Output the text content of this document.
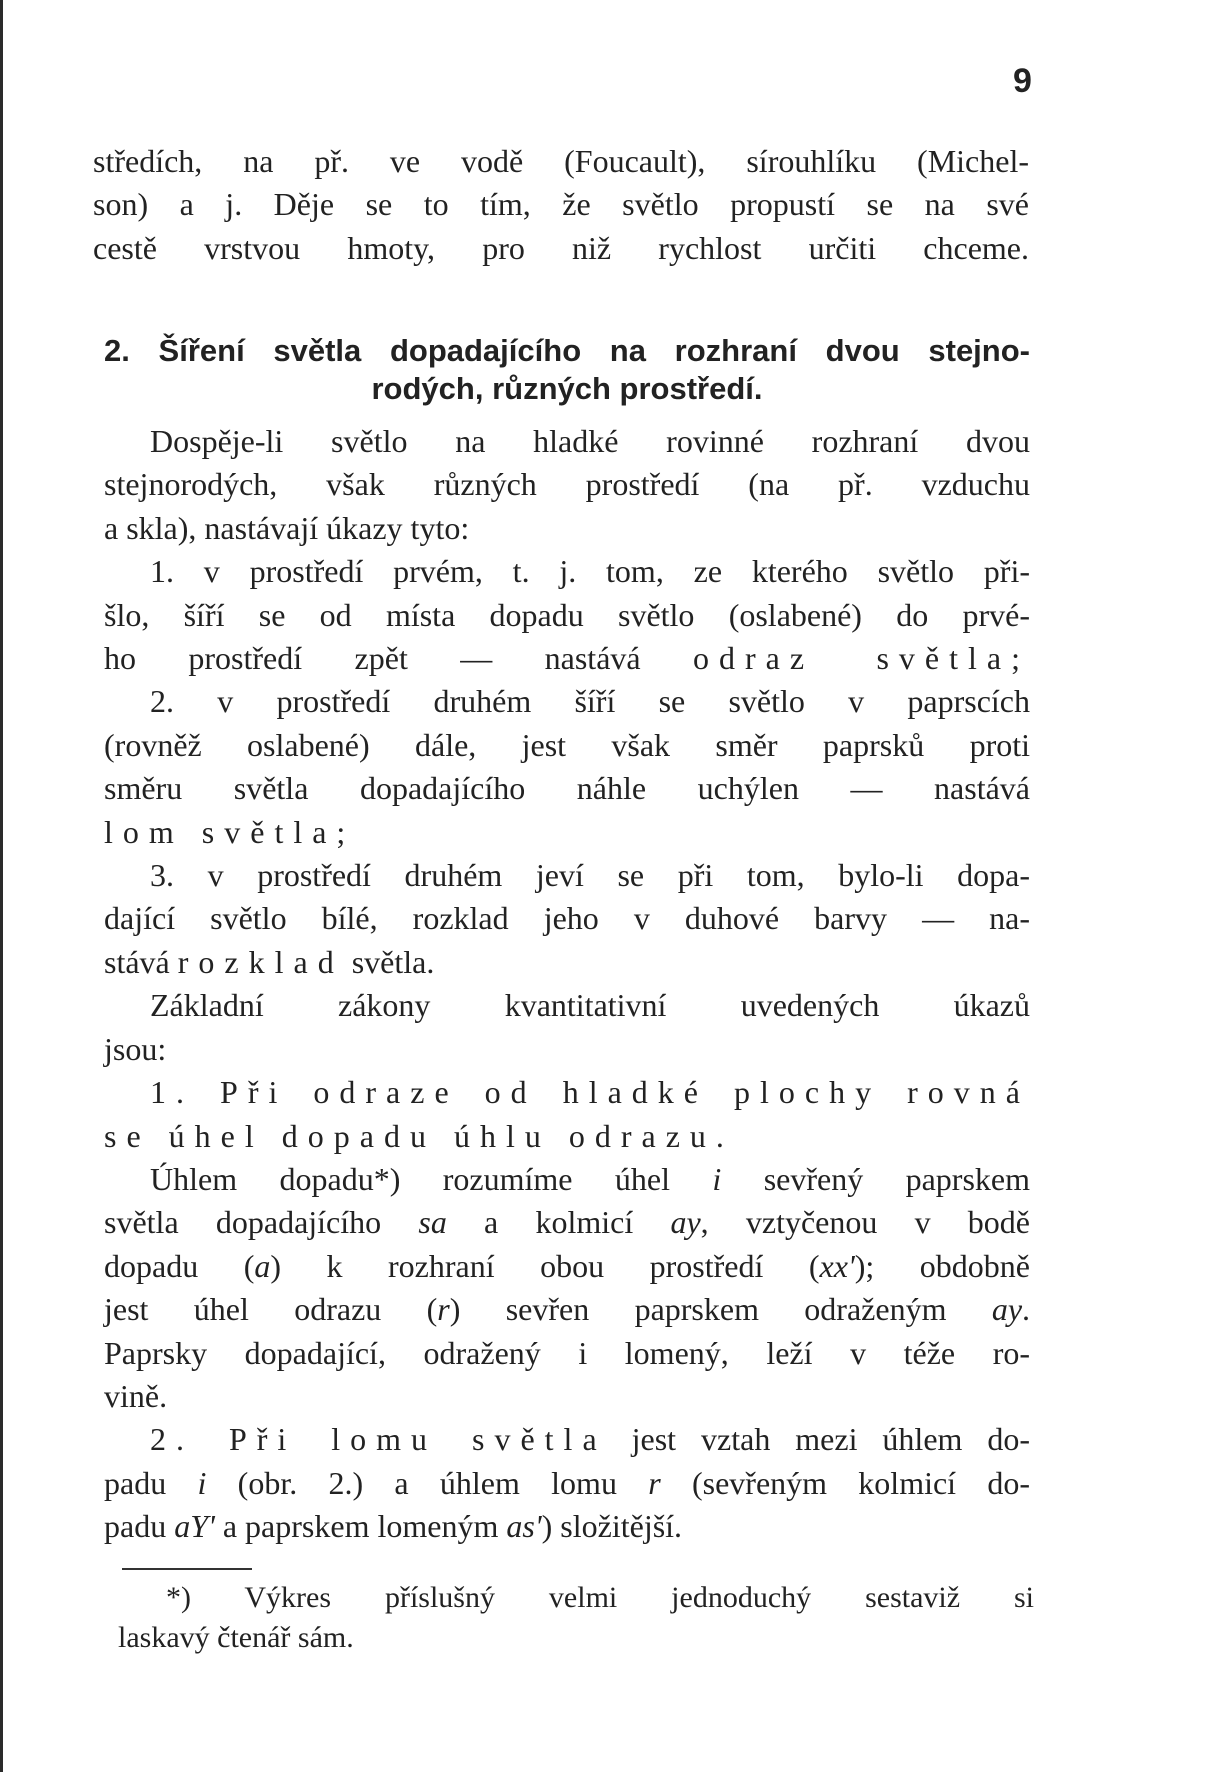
9
středích, na př. ve vodě (Foucault), sírouhlíku (Michel-
son) a j. Děje se to tím, že světlo propustí se na své
cestě vrstvou hmoty, pro niž rychlost určiti chceme.
2. Šíření světla dopadajícího na rozhraní dvou stejno-
rodých, různých prostředí.
Dospěje-li světlo na hladké rovinné rozhraní dvou
stejnorodých, však různých prostředí (na př. vzduchu
a skla), nastávají úkazy tyto:
1. v prostředí prvém, t. j. tom, ze kterého světlo při-
šlo, šíří se od místa dopadu světlo (oslabené) do prvé-
ho prostředí zpět — nastává odraz světla;
2. v prostředí druhém šíří se světlo v paprscích
(rovněž oslabené) dále, jest však směr paprsků proti
směru světla dopadajícího náhle uchýlen — nastává
lom světla;
3. v prostředí druhém jeví se při tom, bylo-li dopa-
dající světlo bílé, rozklad jeho v duhové barvy — na-
stává rozklad světla.
Základní zákony kvantitativní uvedených úkazů
jsou:
1. Při odraze od hladké plochy rovná
se úhel dopadu úhlu odrazu.
Úhlem dopadu*) rozumíme úhel i sevřený paprskem
světla dopadajícího sa a kolmicí ay, vztyčenou v bodě
dopadu (a) k rozhraní obou prostředí (xx'); obdobně
jest úhel odrazu (r) sevřen paprskem odraženým ay.
Paprsky dopadající, odražený i lomený, leží v téže ro-
vině.
2. Při lomu světla jest vztah mezi úhlem do-
padu i (obr. 2.) a úhlem lomu r (sevřeným kolmicí do-
padu aY' a paprskem lomeným as') složitější.
*) Výkres příslušný velmi jednoduchý sestaviž si
laskavý čtenář sám.
